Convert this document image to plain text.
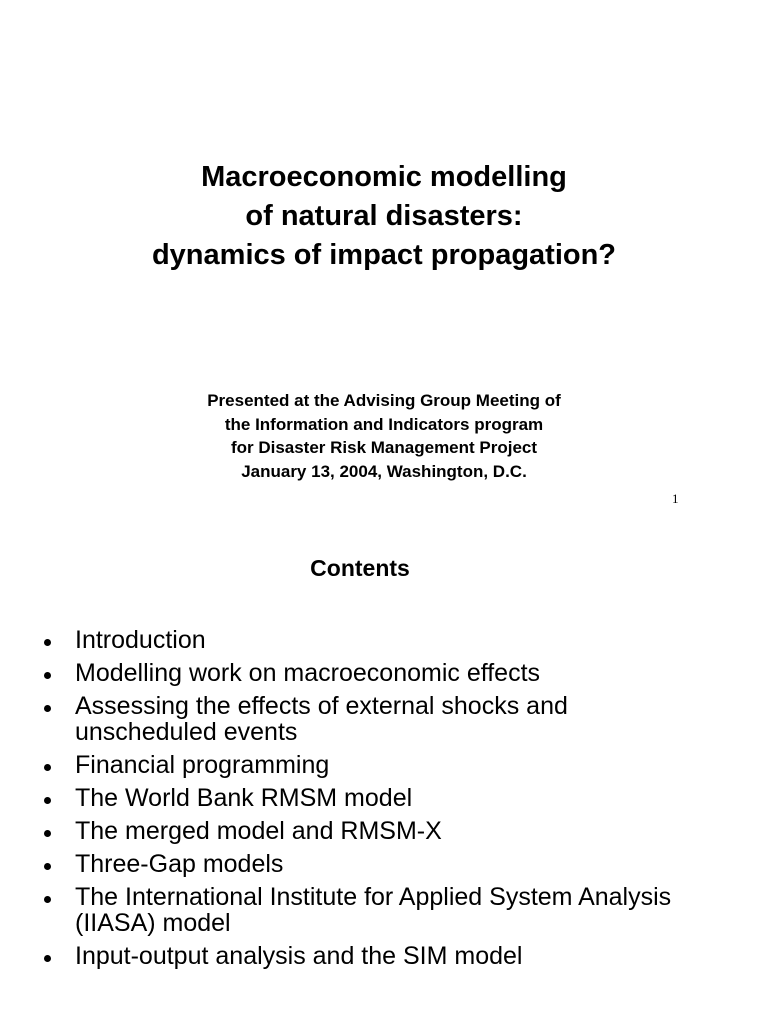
Macroeconomic modelling
of natural disasters:
dynamics of impact propagation?
Presented at the Advising Group Meeting of
the Information and Indicators program
for Disaster Risk Management Project
January 13, 2004, Washington, D.C.
1
Contents
Introduction
Modelling work on macroeconomic effects
Assessing the effects of external shocks and unscheduled events
Financial programming
The World Bank RMSM model
The merged model and RMSM-X
Three-Gap models
The International Institute for Applied System Analysis (IIASA) model
Input-output analysis and the SIM model
